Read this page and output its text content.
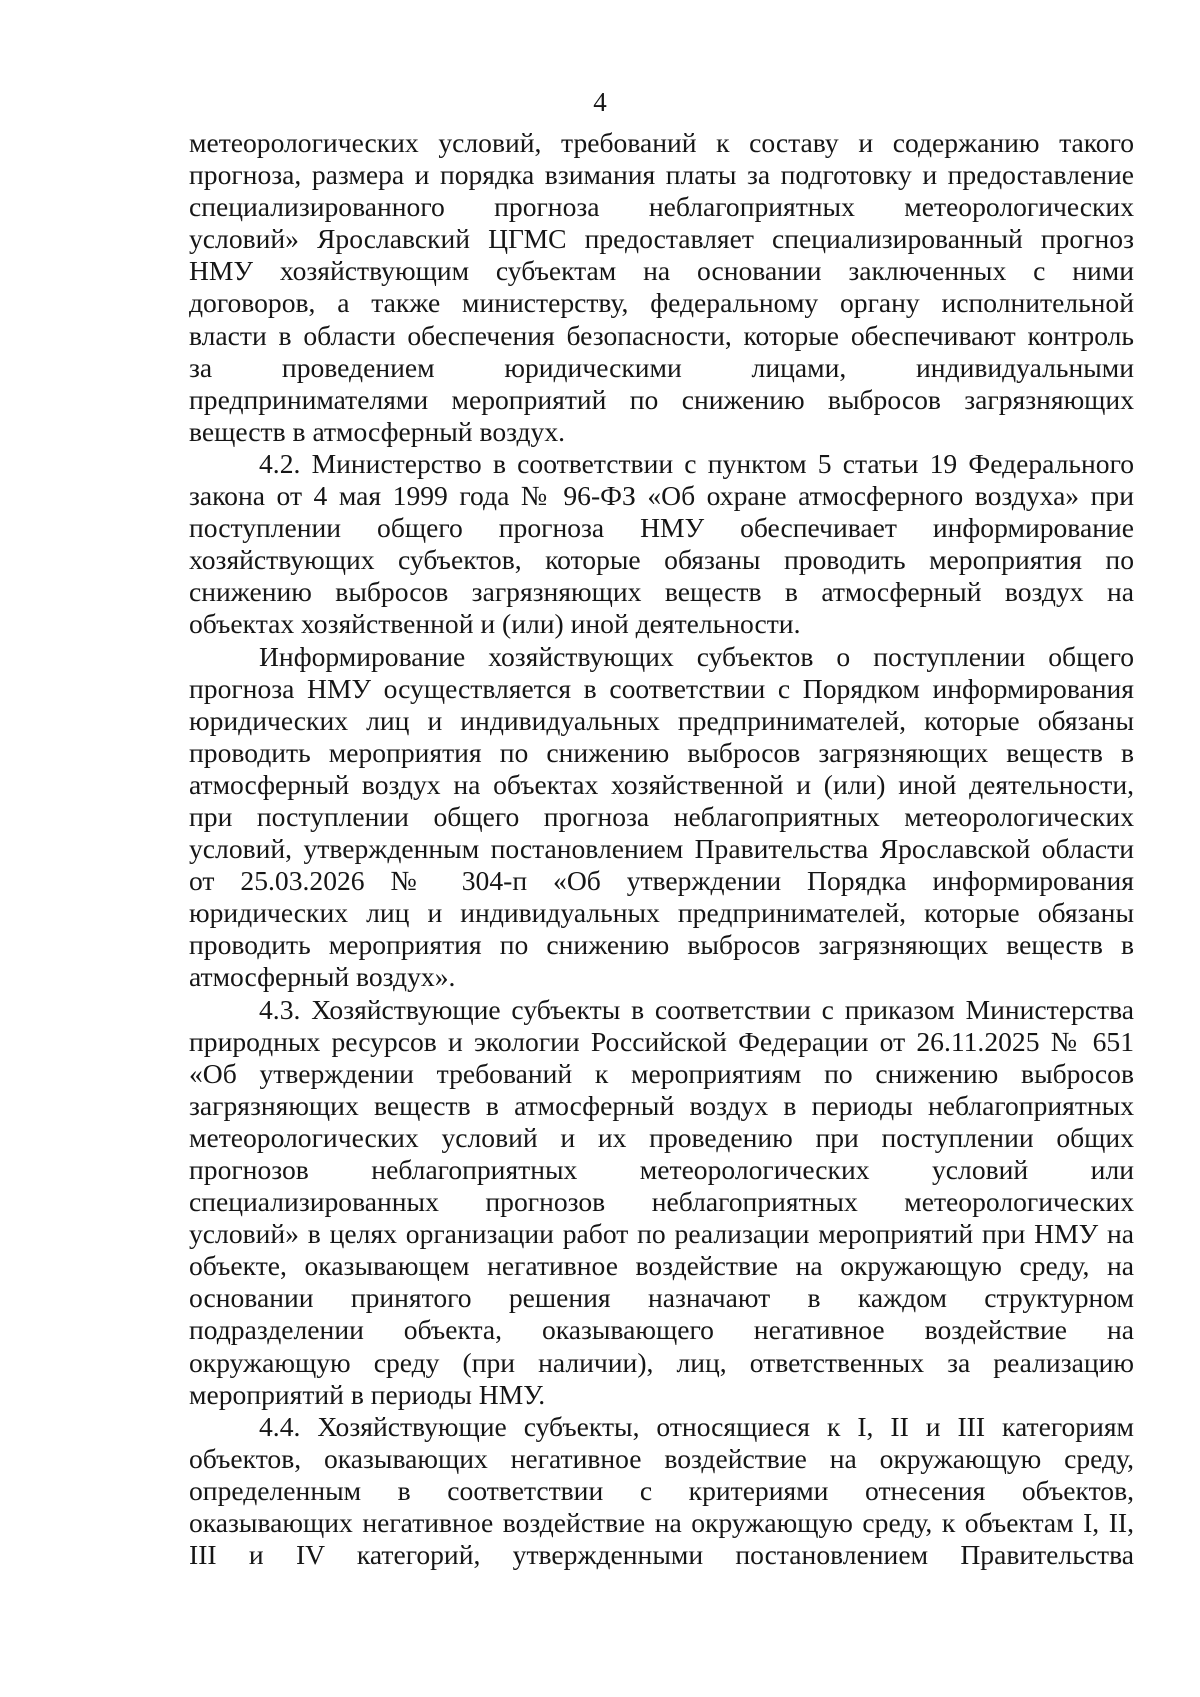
4
метеорологических условий, требований к составу и содержанию такого
прогноза, размера и порядка взимания платы за подготовку и предоставление
специализированного прогноза неблагоприятных метеорологических
условий» Ярославский ЦГМС предоставляет специализированный прогноз
НМУ хозяйствующим субъектам на основании заключенных с ними
договоров, а также министерству, федеральному органу исполнительной
власти в области обеспечения безопасности, которые обеспечивают контроль
за проведением юридическими лицами, индивидуальными
предпринимателями мероприятий по снижению выбросов загрязняющих
веществ в атмосферный воздух.
4.2. Министерство в соответствии с пунктом 5 статьи 19 Федерального
закона от 4 мая 1999 года № 96-ФЗ «Об охране атмосферного воздуха» при
поступлении общего прогноза НМУ обеспечивает информирование
хозяйствующих субъектов, которые обязаны проводить мероприятия по
снижению выбросов загрязняющих веществ в атмосферный воздух на
объектах хозяйственной и (или) иной деятельности.
Информирование хозяйствующих субъектов о поступлении общего
прогноза НМУ осуществляется в соответствии с Порядком информирования
юридических лиц и индивидуальных предпринимателей, которые обязаны
проводить мероприятия по снижению выбросов загрязняющих веществ в
атмосферный воздух на объектах хозяйственной и (или) иной деятельности,
при поступлении общего прогноза неблагоприятных метеорологических
условий, утвержденным постановлением Правительства Ярославской области
от 25.03.2026 № 304-п «Об утверждении Порядка информирования
юридических лиц и индивидуальных предпринимателей, которые обязаны
проводить мероприятия по снижению выбросов загрязняющих веществ в
атмосферный воздух».
4.3. Хозяйствующие субъекты в соответствии с приказом Министерства
природных ресурсов и экологии Российской Федерации от 26.11.2025 № 651
«Об утверждении требований к мероприятиям по снижению выбросов
загрязняющих веществ в атмосферный воздух в периоды неблагоприятных
метеорологических условий и их проведению при поступлении общих
прогнозов неблагоприятных метеорологических условий или
специализированных прогнозов неблагоприятных метеорологических
условий» в целях организации работ по реализации мероприятий при НМУ на
объекте, оказывающем негативное воздействие на окружающую среду, на
основании принятого решения назначают в каждом структурном
подразделении объекта, оказывающего негативное воздействие на
окружающую среду (при наличии), лиц, ответственных за реализацию
мероприятий в периоды НМУ.
4.4. Хозяйствующие субъекты, относящиеся к I, II и III категориям
объектов, оказывающих негативное воздействие на окружающую среду,
определенным в соответствии с критериями отнесения объектов,
оказывающих негативное воздействие на окружающую среду, к объектам I, II,
III и IV категорий, утвержденными постановлением Правительства
